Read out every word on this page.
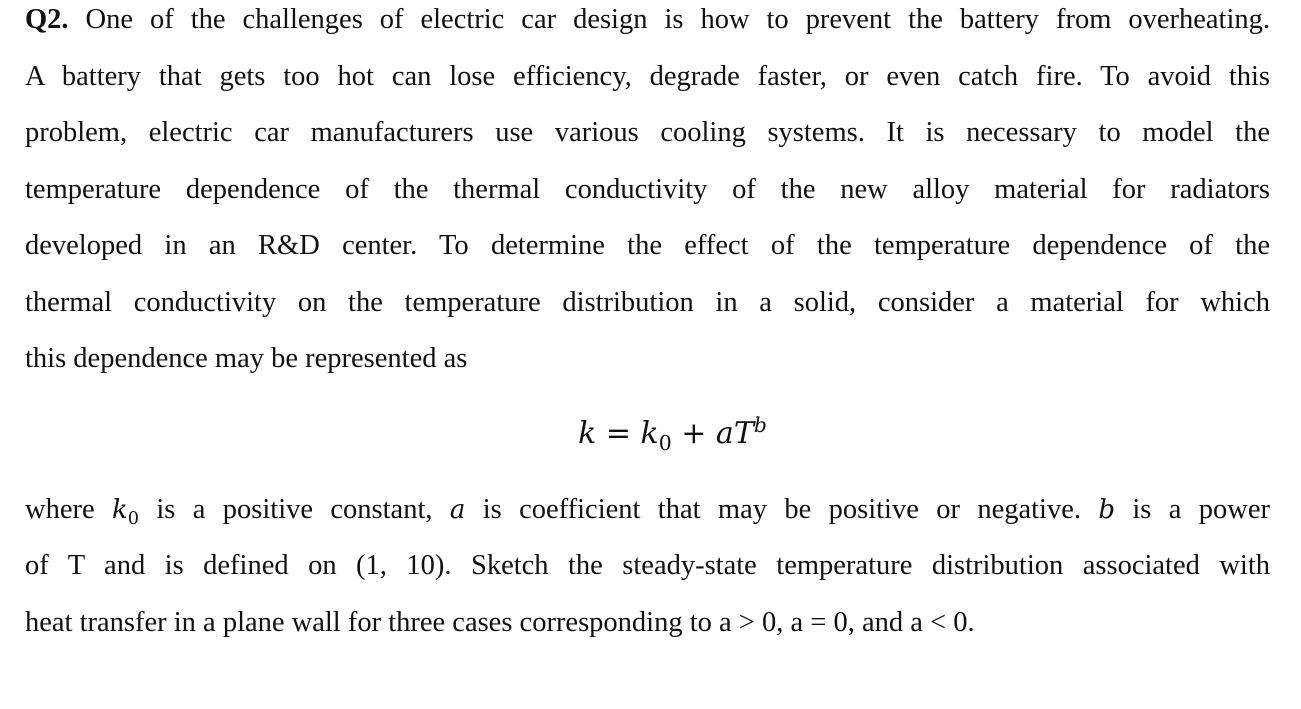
Q2. One of the challenges of electric car design is how to prevent the battery from overheating.
A battery that gets too hot can lose efficiency, degrade faster, or even catch fire. To avoid this
problem, electric car manufacturers use various cooling systems. It is necessary to model the
temperature dependence of the thermal conductivity of the new alloy material for radiators
developed in an R&D center. To determine the effect of the temperature dependence of the
thermal conductivity on the temperature distribution in a solid, consider a material for which
this dependence may be represented as
$k = k_0 + aT^b$
where $k_0$ is a positive constant, a is coefficient that may be positive or negative. b is a power
of T and is defined on (1, 10). Sketch the steady-state temperature distribution associated with
heat transfer in a plane wall for three cases corresponding to a > 0, a = 0, and a < 0.
